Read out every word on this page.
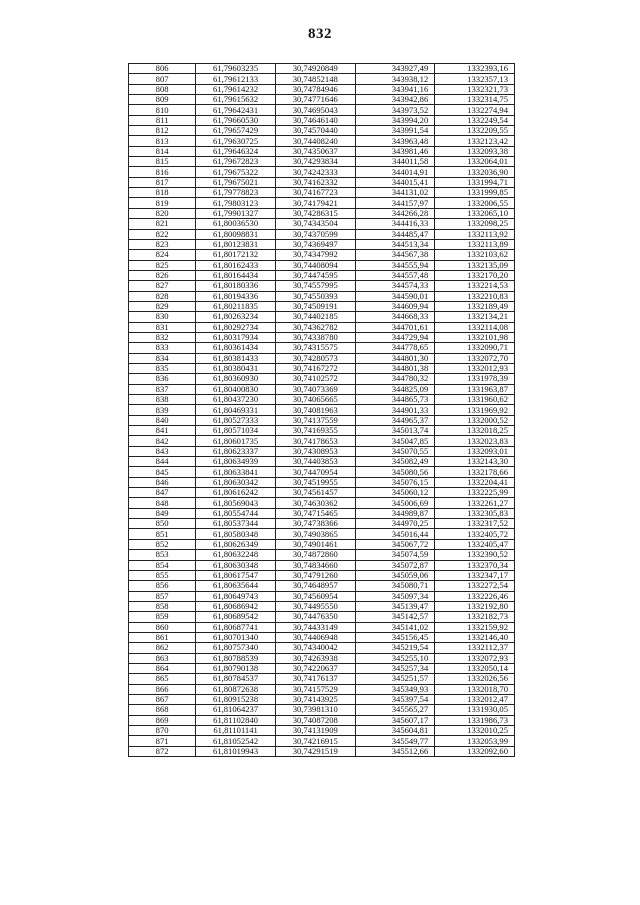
832
806	61,79603235	30,74920849	343927,49	1332393,16
807	61,79612133	30,74852148	343938,12	1332357,13
808	61,79614232	30,74784946	343941,16	1332321,73
809	61,79615632	30,74771646	343942,86	1332314,75
810	61,79642431	30,74695043	343973,52	1332274,94
811	61,79660530	30,74646140	343994,20	1332249,54
812	61,79657429	30,74570440	343991,54	1332209,55
813	61,79630725	30,74408240	343963,48	1332123,42
814	61,79646324	30,74350637	343981,46	1332093,38
815	61,79672823	30,74293834	344011,58	1332064,01
816	61,79675322	30,74242333	344014,91	1332036,90
817	61,79675021	30,74162332	344015,41	1331994,71
818	61,79778823	30,74167723	344131,02	1331999,85
819	61,79803123	30,74179421	344157,97	1332006,55
820	61,79901327	30,74286315	344266,28	1332065,10
821	61,80036530	30,74343504	344416,33	1332098,25
822	61,80098831	30,74370599	344485,47	1332113,92
823	61,80123831	30,74369497	344513,34	1332113,89
824	61,80172132	30,74347992	344567,38	1332103,62
825	61,80162433	30,74408094	344555,94	1332135,09
826	61,80164434	30,74474595	344557,48	1332170,20
827	61,80180336	30,74557995	344574,33	1332214,53
828	61,80194336	30,74550393	344590,01	1332210,83
829	61,80211835	30,74509191	344609,94	1332189,49
830	61,80263234	30,74402185	344668,33	1332134,21
831	61,80292734	30,74362782	344701,61	1332114,08
832	61,80317934	30,74338780	344729,94	1332101,98
833	61,80361434	30,74315575	344778,65	1332090,71
834	61,80381433	30,74280573	344801,30	1332072,70
835	61,80380431	30,74167272	344801,38	1332012,93
836	61,80360930	30,74102572	344780,32	1331978,39
837	61,80400830	30,74073369	344825,09	1331963,87
838	61,80437230	30,74065665	344865,73	1331960,62
839	61,80469331	30,74081963	344901,33	1331969,92
840	61,80527333	30,74137559	344965,37	1332000,52
841	61,80571034	30,74169355	345013,74	1332018,25
842	61,80601735	30,74178653	345047,85	1332023,83
843	61,80623337	30,74308953	345070,55	1332093,01
844	61,80634939	30,74403853	345082,49	1332143,30
845	61,80633841	30,74470954	345080,56	1332178,66
846	61,80630342	30,74519955	345076,15	1332204,41
847	61,80616242	30,74561457	345060,12	1332225,99
848	61,80569043	30,74630362	345006,69	1332261,27
849	61,80554744	30,74715465	344989,87	1332305,83
850	61,80537344	30,74738366	344970,25	1332317,52
851	61,80580348	30,74903865	345016,44	1332405,72
852	61,80626349	30,74901461	345067,72	1332405,47
853	61,80632248	30,74872860	345074,59	1332390,52
854	61,80630348	30,74834660	345072,87	1332370,34
855	61,80617547	30,74791260	345059,06	1332347,17
856	61,80635644	30,74648957	345080,71	1332272,54
857	61,80649743	30,74560954	345097,34	1332226,46
858	61,80686942	30,74495550	345139,47	1332192,80
859	61,80689542	30,74476350	345142,57	1332182,73
860	61,80687741	30,74433149	345141,02	1332159,92
861	61,80701340	30,74406948	345156,45	1332146,40
862	61,80757340	30,74340042	345219,54	1332112,37
863	61,80788539	30,74263938	345255,10	1332072,93
864	61,80790138	30,74220637	345257,34	1332050,14
865	61,80784537	30,74176137	345251,57	1332026,56
866	61,80872638	30,74157529	345349,93	1332018,70
867	61,80915238	30,74143925	345397,54	1332012,47
868	61,81064237	30,73981310	345565,27	1331930,05
869	61,81102840	30,74087208	345607,17	1331986,73
870	61,81101141	30,74131909	345604,81	1332010,25
871	61,81052542	30,74216915	345549,77	1332053,99
872	61,81019943	30,74291519	345512,66	1332092,60
